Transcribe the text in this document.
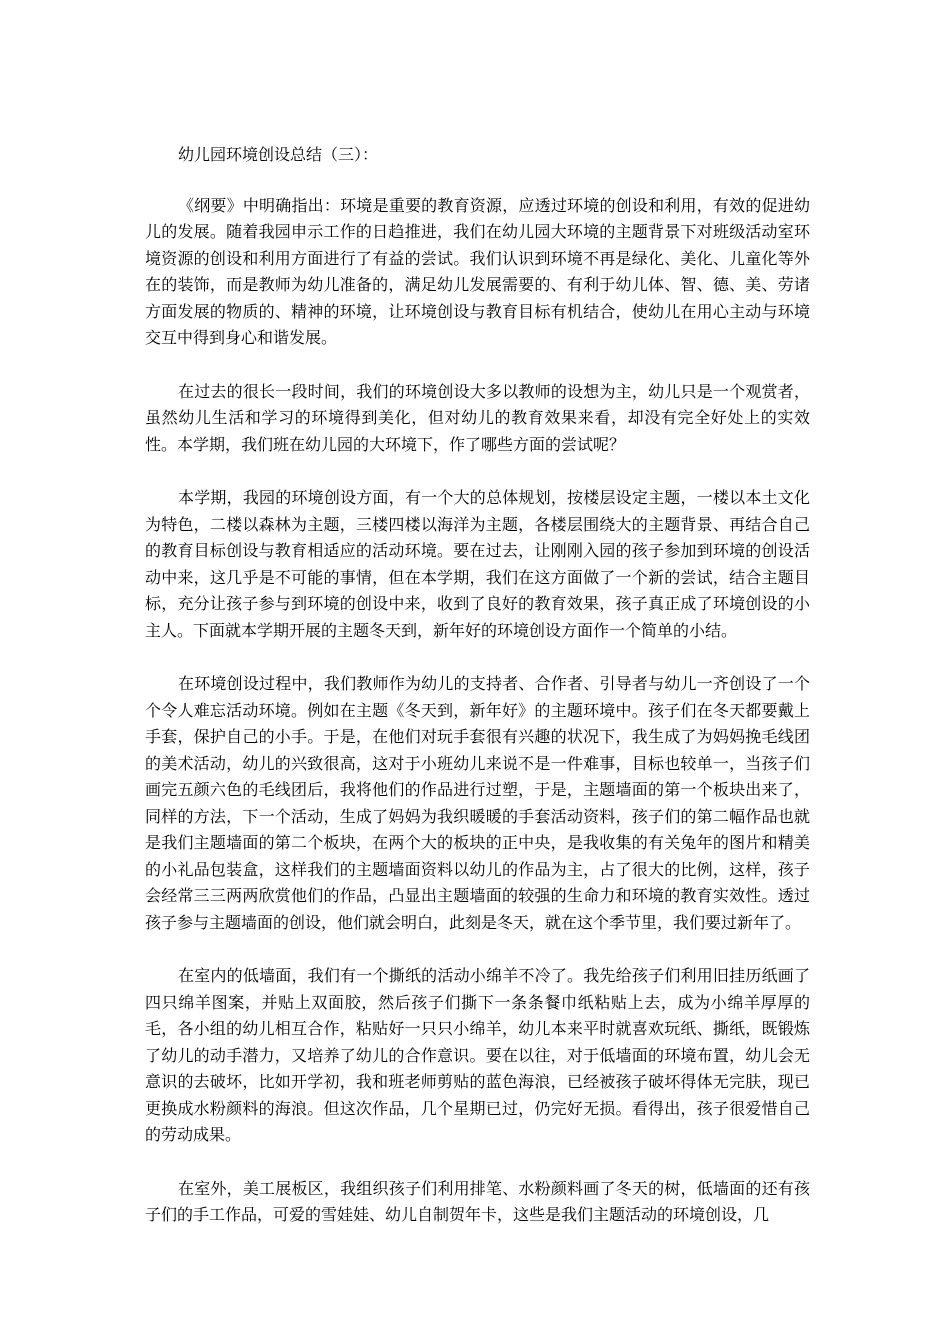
幼儿园环境创设总结（三）：

《纲要》中明确指出：环境是重要的教育资源，应透过环境的创设和利用，有效的促进幼儿的发展。随着我园申示工作的日趋推进，我们在幼儿园大环境的主题背景下对班级活动室环境资源的创设和利用方面进行了有益的尝试。我们认识到环境不再是绿化、美化、儿童化等外在的装饰，而是教师为幼儿准备的，满足幼儿发展需要的、有利于幼儿体、智、德、美、劳诸方面发展的物质的、精神的环境，让环境创设与教育目标有机结合，使幼儿在用心主动与环境交互中得到身心和谐发展。

在过去的很长一段时间，我们的环境创设大多以教师的设想为主，幼儿只是一个观赏者，虽然幼儿生活和学习的环境得到美化，但对幼儿的教育效果来看，却没有完全好处上的实效性。本学期，我们班在幼儿园的大环境下，作了哪些方面的尝试呢？

本学期，我园的环境创设方面，有一个大的总体规划，按楼层设定主题，一楼以本土文化为特色，二楼以森林为主题，三楼四楼以海洋为主题，各楼层围绕大的主题背景、再结合自己的教育目标创设与教育相适应的活动环境。要在过去，让刚刚入园的孩子参加到环境的创设活动中来，这几乎是不可能的事情，但在本学期，我们在这方面做了一个新的尝试，结合主题目标，充分让孩子参与到环境的创设中来，收到了良好的教育效果，孩子真正成了环境创设的小主人。下面就本学期开展的主题冬天到，新年好的环境创设方面作一个简单的小结。

在环境创设过程中，我们教师作为幼儿的支持者、合作者、引导者与幼儿一齐创设了一个个令人难忘活动环境。例如在主题《冬天到，新年好》的主题环境中。孩子们在冬天都要戴上手套，保护自己的小手。于是，在他们对玩手套很有兴趣的状况下，我生成了为妈妈挽毛线团的美术活动，幼儿的兴致很高，这对于小班幼儿来说不是一件难事，目标也较单一，当孩子们画完五颜六色的毛线团后，我将他们的作品进行过塑，于是，主题墙面的第一个板块出来了，同样的方法，下一个活动，生成了妈妈为我织暖暖的手套活动资料，孩子们的第二幅作品也就是我们主题墙面的第二个板块，在两个大的板块的正中央，是我收集的有关兔年的图片和精美的小礼品包装盒，这样我们的主题墙面资料以幼儿的作品为主，占了很大的比例，这样，孩子会经常三三两两欣赏他们的作品，凸显出主题墙面的较强的生命力和环境的教育实效性。透过孩子参与主题墙面的创设，他们就会明白，此刻是冬天，就在这个季节里，我们要过新年了。

在室内的低墙面，我们有一个撕纸的活动小绵羊不冷了。我先给孩子们利用旧挂历纸画了四只绵羊图案，并贴上双面胶，然后孩子们撕下一条条餐巾纸粘贴上去，成为小绵羊厚厚的毛，各小组的幼儿相互合作，粘贴好一只只小绵羊，幼儿本来平时就喜欢玩纸、撕纸，既锻炼了幼儿的动手潜力，又培养了幼儿的合作意识。要在以往，对于低墙面的环境布置，幼儿会无意识的去破坏，比如开学初，我和班老师剪贴的蓝色海浪，已经被孩子破坏得体无完肤，现已更换成水粉颜料的海浪。但这次作品，几个星期已过，仍完好无损。看得出，孩子很爱惜自己的劳动成果。

在室外，美工展板区，我组织孩子们利用排笔、水粉颜料画了冬天的树，低墙面的还有孩子们的手工作品，可爱的雪娃娃、幼儿自制贺年卡，这些是我们主题活动的环境创设，几
